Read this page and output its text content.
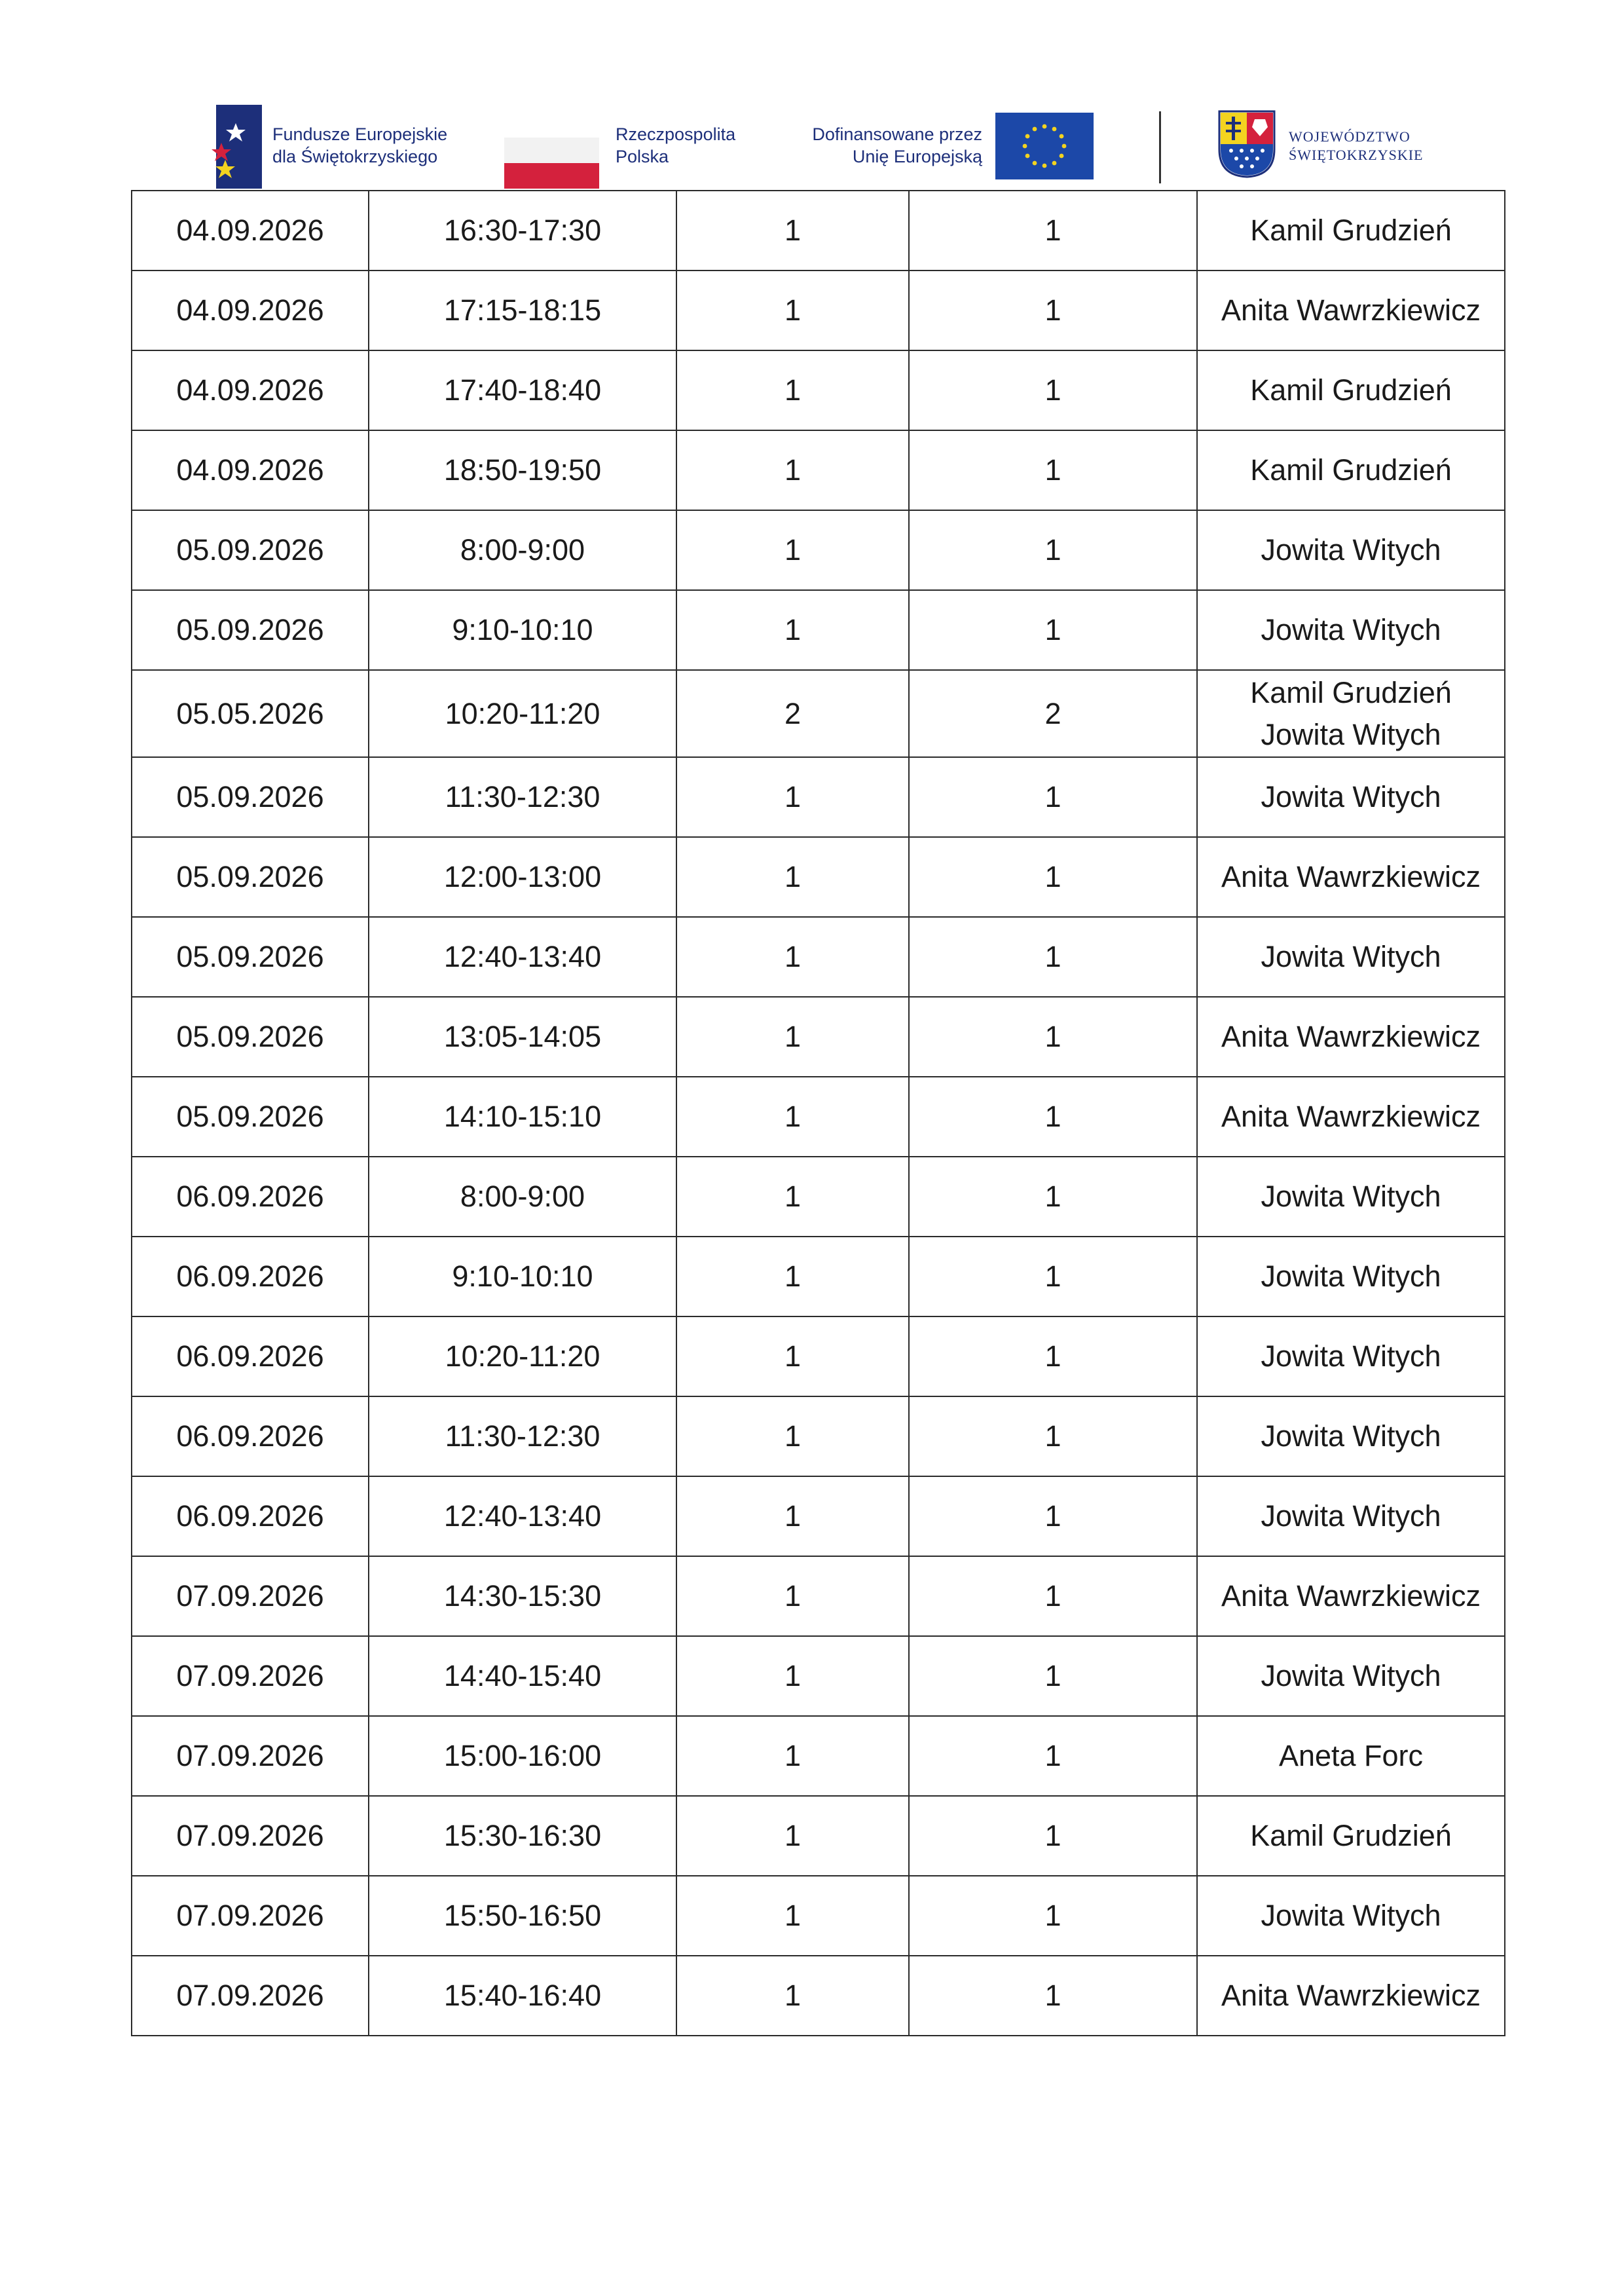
Fundusze Europejskie
dla Świętokrzyskiego
Rzeczpospolita
Polska
Dofinansowane przez
Unię Europejską
WOJEWÓDZTWO
ŚWIĘTOKRZYSKIE
04.09.2026	16:30-17:30	1	1	Kamil Grudzień
04.09.2026	17:15-18:15	1	1	Anita Wawrzkiewicz
04.09.2026	17:40-18:40	1	1	Kamil Grudzień
04.09.2026	18:50-19:50	1	1	Kamil Grudzień
05.09.2026	8:00-9:00	1	1	Jowita Witych
05.09.2026	9:10-10:10	1	1	Jowita Witych
05.05.2026	10:20-11:20	2	2	Kamil Grudzień
Jowita Witych
05.09.2026	11:30-12:30	1	1	Jowita Witych
05.09.2026	12:00-13:00	1	1	Anita Wawrzkiewicz
05.09.2026	12:40-13:40	1	1	Jowita Witych
05.09.2026	13:05-14:05	1	1	Anita Wawrzkiewicz
05.09.2026	14:10-15:10	1	1	Anita Wawrzkiewicz
06.09.2026	8:00-9:00	1	1	Jowita Witych
06.09.2026	9:10-10:10	1	1	Jowita Witych
06.09.2026	10:20-11:20	1	1	Jowita Witych
06.09.2026	11:30-12:30	1	1	Jowita Witych
06.09.2026	12:40-13:40	1	1	Jowita Witych
07.09.2026	14:30-15:30	1	1	Anita Wawrzkiewicz
07.09.2026	14:40-15:40	1	1	Jowita Witych
07.09.2026	15:00-16:00	1	1	Aneta Forc
07.09.2026	15:30-16:30	1	1	Kamil Grudzień
07.09.2026	15:50-16:50	1	1	Jowita Witych
07.09.2026	15:40-16:40	1	1	Anita Wawrzkiewicz
